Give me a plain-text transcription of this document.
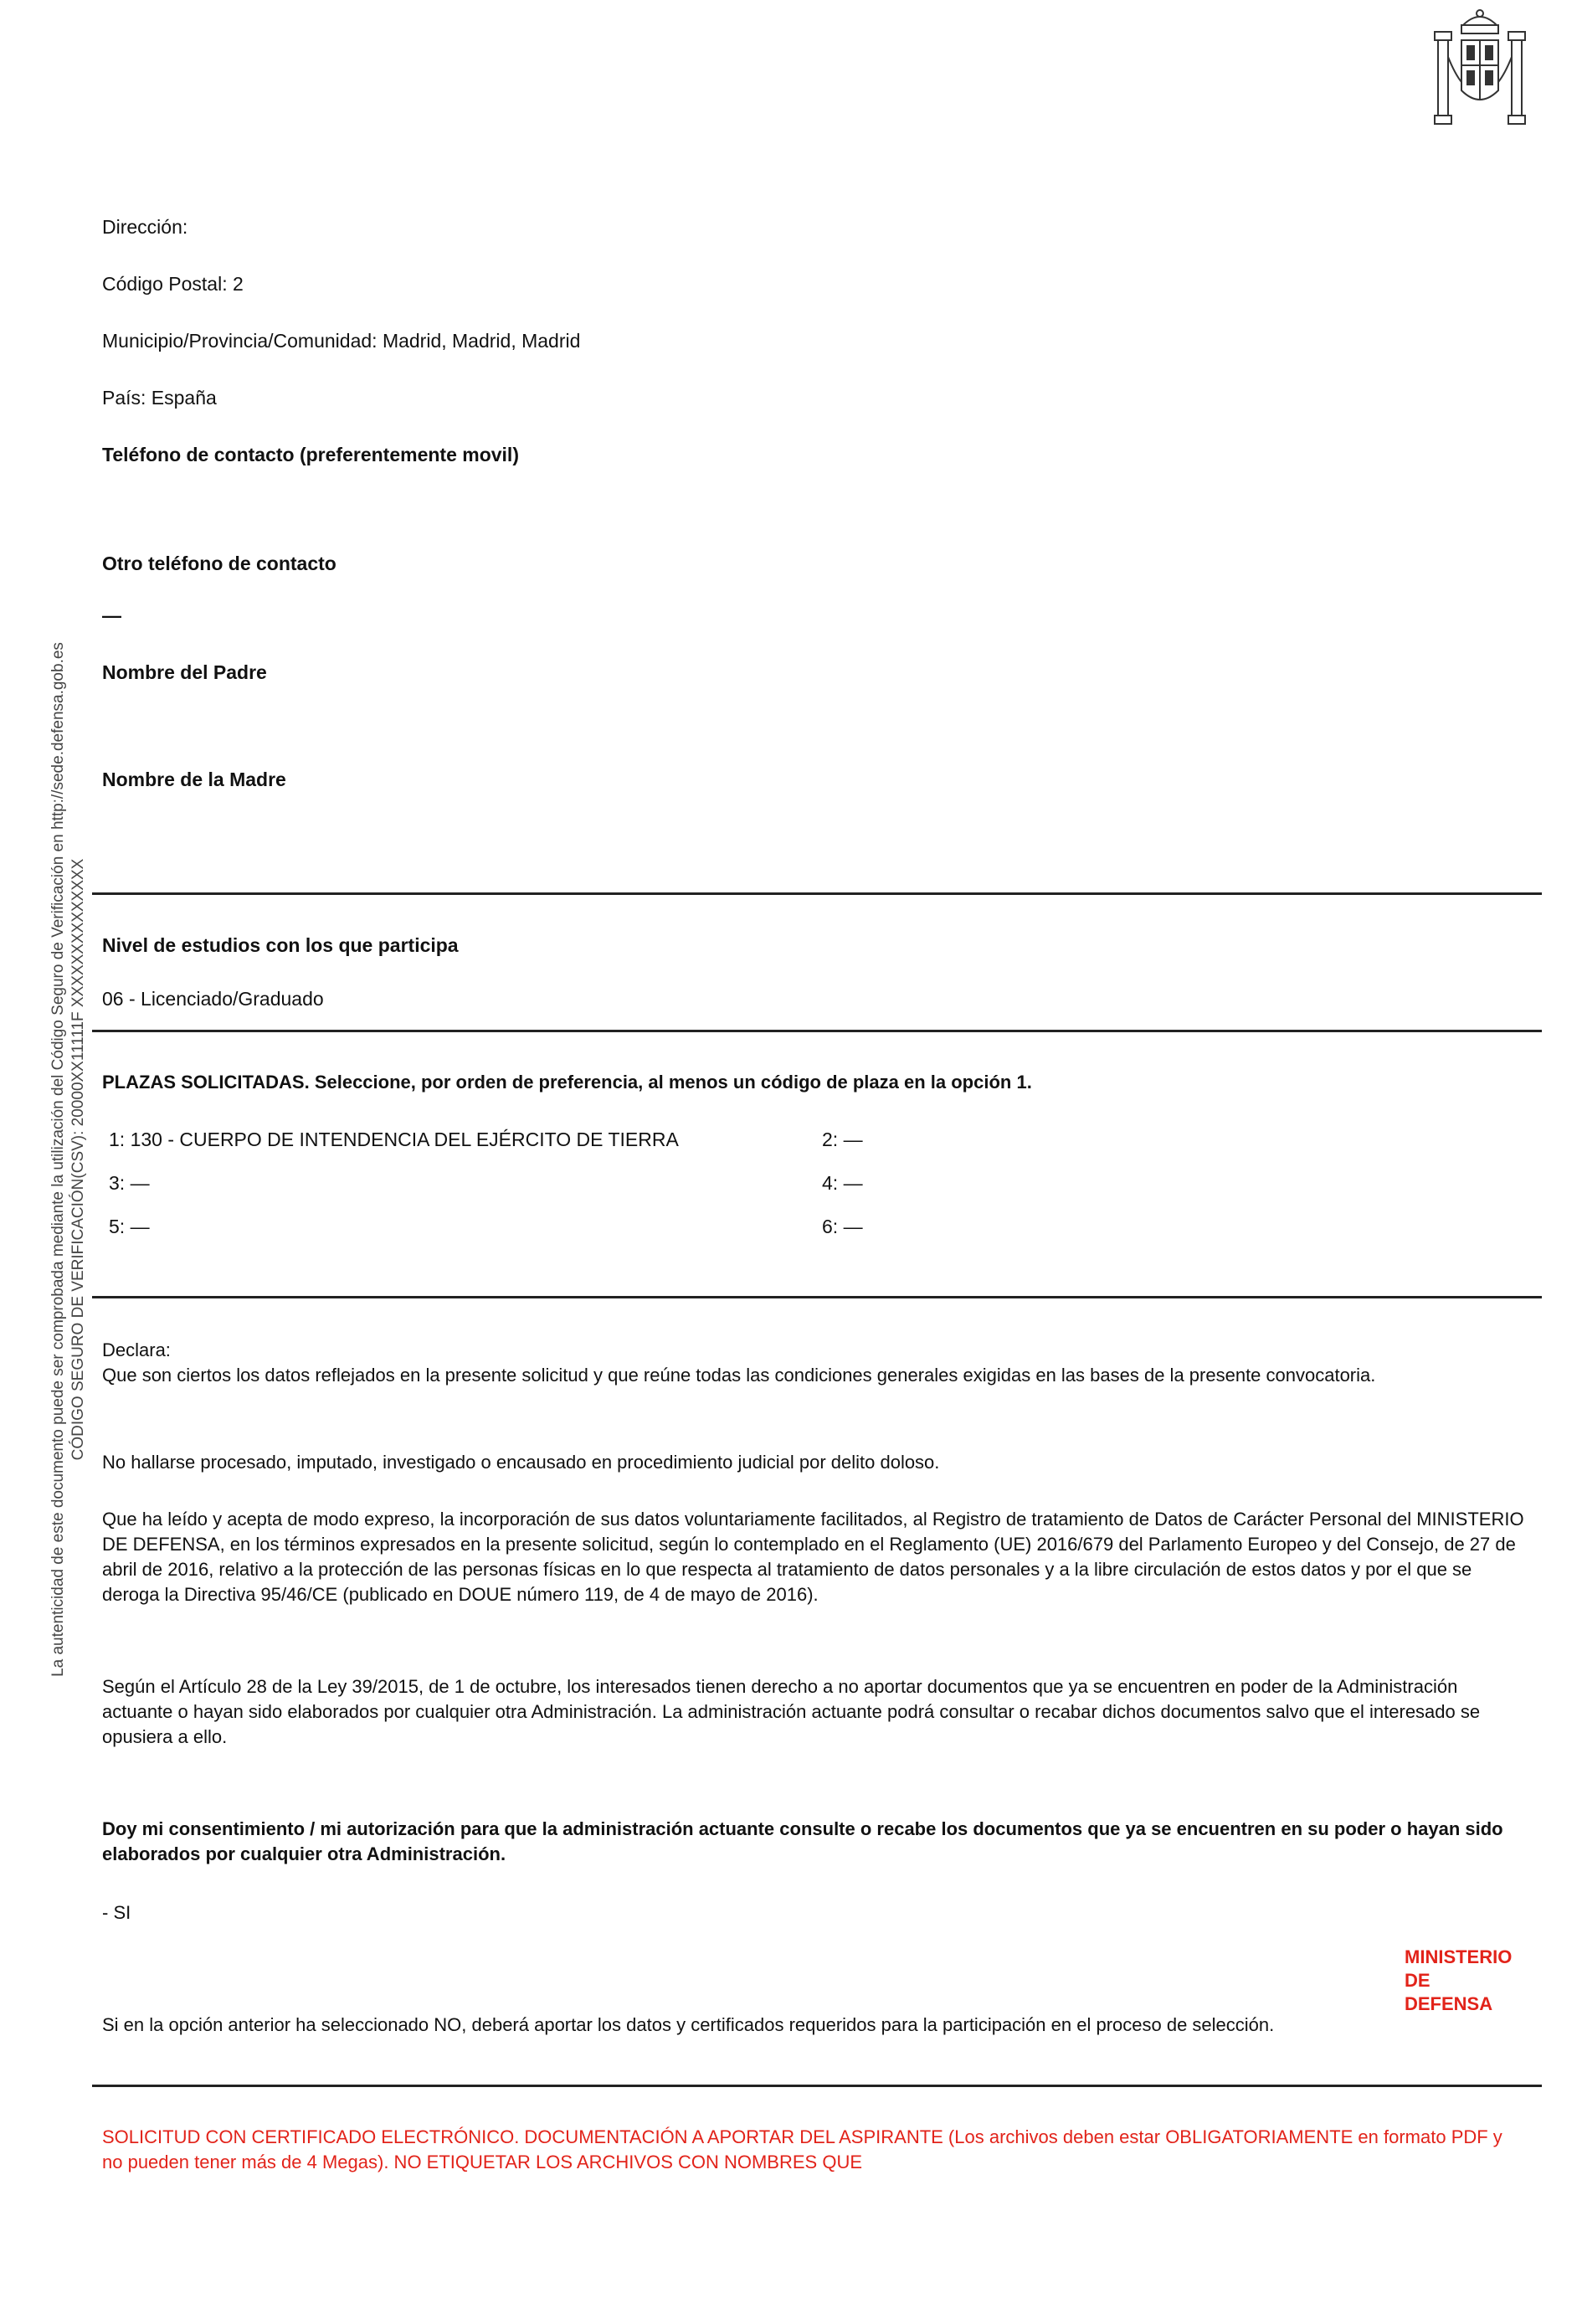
La autenticidad de este documento puede ser comprobada mediante la utilización del Código Seguro de Verificación en http://sede.defensa.gob.es CÓDIGO SEGURO DE VERIFICACIÓN(CSV): 20000XX11111F XXXXXXXXXXXXXX
Dirección:
Código Postal: 2
Municipio/Provincia/Comunidad: Madrid, Madrid, Madrid
País: España
Teléfono de contacto (preferentemente movil)
Otro teléfono de contacto
—
Nombre del Padre
Nombre de la Madre
Nivel de estudios con los que participa
06 - Licenciado/Graduado
PLAZAS SOLICITADAS. Seleccione, por orden de preferencia, al menos un código de plaza en la opción 1.
1: 130 - CUERPO DE INTENDENCIA DEL EJÉRCITO DE TIERRA	2: —
3: —	4: —
5: —	6: —
Declara:
Que son ciertos los datos reflejados en la presente solicitud y que reúne todas las condiciones generales exigidas en las bases de la presente convocatoria.
No hallarse procesado, imputado, investigado o encausado en procedimiento judicial por delito doloso.
Que ha leído y acepta de modo expreso, la incorporación de sus datos voluntariamente facilitados, al Registro de tratamiento de Datos de Carácter Personal del MINISTERIO DE DEFENSA, en los términos expresados en la presente solicitud, según lo contemplado en el Reglamento (UE) 2016/679 del Parlamento Europeo y del Consejo, de 27 de abril de 2016, relativo a la protección de las personas físicas en lo que respecta al tratamiento de datos personales y a la libre circulación de estos datos y por el que se deroga la Directiva 95/46/CE (publicado en DOUE número 119, de 4 de mayo de 2016).
Según el Artículo 28 de la Ley 39/2015, de 1 de octubre, los interesados tienen derecho a no aportar documentos que ya se encuentren en poder de la Administración actuante o hayan sido elaborados por cualquier otra Administración. La administración actuante podrá consultar o recabar dichos documentos salvo que el interesado se opusiera a ello.
Doy mi consentimiento / mi autorización para que la administración actuante consulte o recabe los documentos que ya se encuentren en su poder o hayan sido elaborados por cualquier otra Administración.
- SI
Si en la opción anterior ha seleccionado NO, deberá aportar los datos y certificados requeridos para la participación en el proceso de selección.
SOLICITUD CON CERTIFICADO ELECTRÓNICO. DOCUMENTACIÓN A APORTAR DEL ASPIRANTE (Los archivos deben estar OBLIGATORIAMENTE en formato PDF y no pueden tener más de 4 Megas). NO ETIQUETAR LOS ARCHIVOS CON NOMBRES QUE
MINISTERIO
DE
DEFENSA
